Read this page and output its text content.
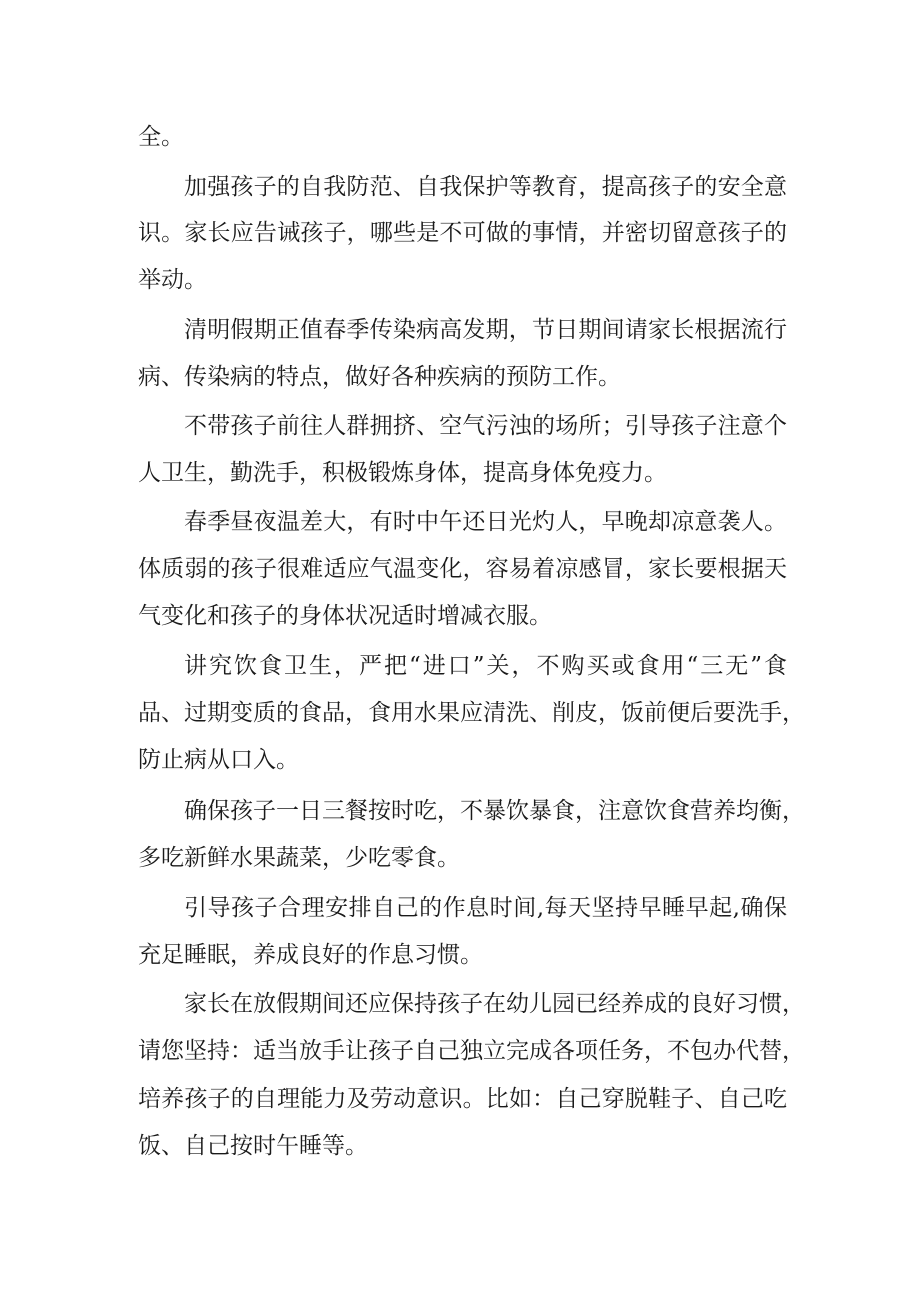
全。

加强孩子的自我防范、自我保护等教育，提高孩子的安全意

识。家长应告诫孩子，哪些是不可做的事情，并密切留意孩子的

举动。

清明假期正值春季传染病高发期，节日期间请家长根据流行

病、传染病的特点，做好各种疾病的预防工作。

不带孩子前往人群拥挤、空气污浊的场所；引导孩子注意个

人卫生，勤洗手，积极锻炼身体，提高身体免疫力。

春季昼夜温差大，有时中午还日光灼人，早晚却凉意袭人。

体质弱的孩子很难适应气温变化，容易着凉感冒，家长要根据天

气变化和孩子的身体状况适时增减衣服。

讲究饮食卫生，严把“进口”关，不购买或食用“三无”食

品、过期变质的食品，食用水果应清洗、削皮，饭前便后要洗手，

防止病从口入。

确保孩子一日三餐按时吃，不暴饮暴食，注意饮食营养均衡，

多吃新鲜水果蔬菜，少吃零食。

引导孩子合理安排自己的作息时间,每天坚持早睡早起,确保

充足睡眠，养成良好的作息习惯。

家长在放假期间还应保持孩子在幼儿园已经养成的良好习惯，

请您坚持：适当放手让孩子自己独立完成各项任务，不包办代替，

培养孩子的自理能力及劳动意识。比如：自己穿脱鞋子、自己吃

饭、自己按时午睡等。
